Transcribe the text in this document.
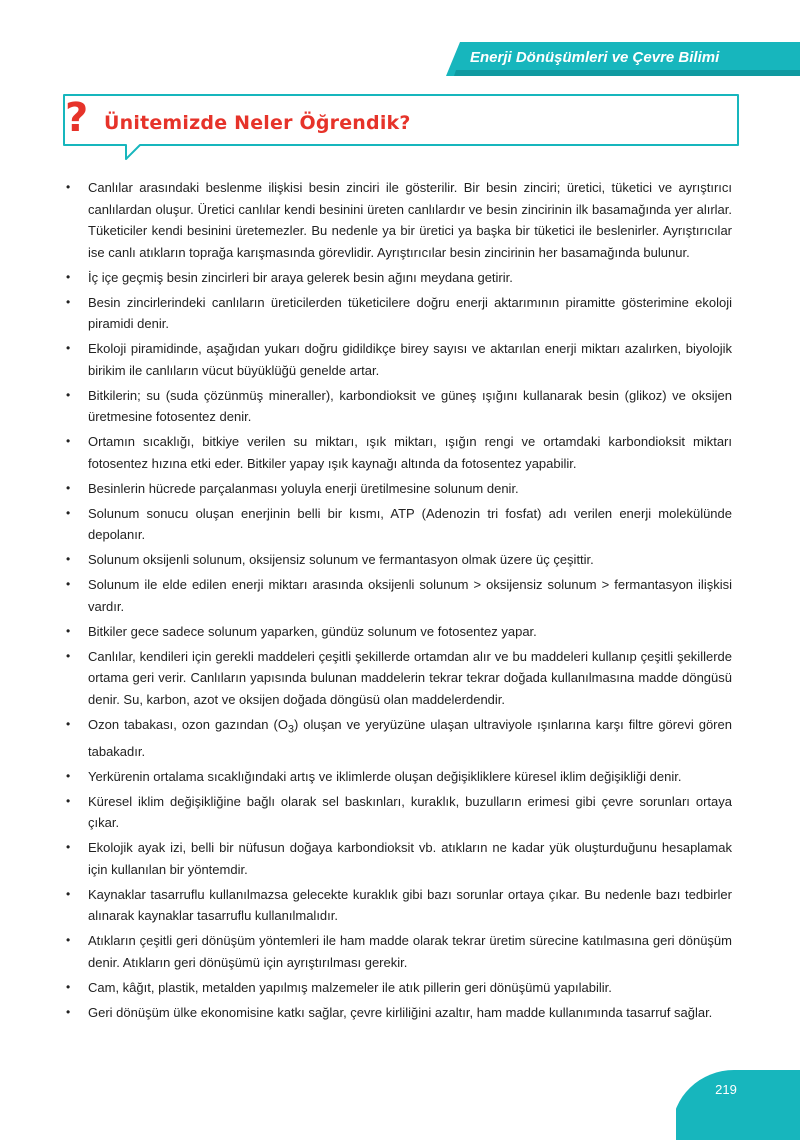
Enerji Dönüşümleri ve Çevre Bilimi
? Ünitemizde Neler Öğrendik?
• Canlılar arasındaki beslenme ilişkisi besin zinciri ile gösterilir. Bir besin zinciri; üretici, tüketici ve ayrıştırıcı canlılardan oluşur. Üretici canlılar kendi besinini üreten canlılardır ve besin zincirinin ilk basamağında yer alırlar. Tüketiciler kendi besinini üretemezler. Bu nedenle ya bir üretici ya başka bir tüketici ile beslenirler. Ayrıştırıcılar ise canlı atıkların toprağa karışmasında görevlidir. Ayrıştırıcılar besin zincirinin her basamağında bulunur.
• İç içe geçmiş besin zincirleri bir araya gelerek besin ağını meydana getirir.
• Besin zincirlerindeki canlıların üreticilerden tüketicilere doğru enerji aktarımının piramitte gösterimine ekoloji piramidi denir.
• Ekoloji piramidinde, aşağıdan yukarı doğru gidildikçe birey sayısı ve aktarılan enerji miktarı azalırken, biyolojik birikim ile canlıların vücut büyüklüğü genelde artar.
• Bitkilerin; su (suda çözünmüş mineraller), karbondioksit ve güneş ışığını kullanarak besin (glikoz) ve oksijen üretmesine fotosentez denir.
• Ortamın sıcaklığı, bitkiye verilen su miktarı, ışık miktarı, ışığın rengi ve ortamdaki karbondioksit miktarı fotosentez hızına etki eder. Bitkiler yapay ışık kaynağı altında da fotosentez yapabilir.
• Besinlerin hücrede parçalanması yoluyla enerji üretilmesine solunum denir.
• Solunum sonucu oluşan enerjinin belli bir kısmı, ATP (Adenozin tri fosfat) adı verilen enerji molekülünde depolanır.
• Solunum oksijenli solunum, oksijensiz solunum ve fermantasyon olmak üzere üç çeşittir.
• Solunum ile elde edilen enerji miktarı arasında oksijenli solunum > oksijensiz solunum > fermantasyon ilişkisi vardır.
• Bitkiler gece sadece solunum yaparken, gündüz solunum ve fotosentez yapar.
• Canlılar, kendileri için gerekli maddeleri çeşitli şekillerde ortamdan alır ve bu maddeleri kullanıp çeşitli şekillerde ortama geri verir. Canlıların yapısında bulunan maddelerin tekrar tekrar doğada kullanılmasına madde döngüsü denir. Su, karbon, azot ve oksijen doğada döngüsü olan maddelerdendir.
• Ozon tabakası, ozon gazından $(O_3)$ oluşan ve yeryüzüne ulaşan ultraviyole ışınlarına karşı filtre görevi gören tabakadır.
• Yerkürenin ortalama sıcaklığındaki artış ve iklimlerde oluşan değişikliklere küresel iklim değişikliği denir.
• Küresel iklim değişikliğine bağlı olarak sel baskınları, kuraklık, buzulların erimesi gibi çevre sorunları ortaya çıkar.
• Ekolojik ayak izi, belli bir nüfusun doğaya karbondioksit vb. atıkların ne kadar yük oluşturduğunu hesaplamak için kullanılan bir yöntemdir.
• Kaynaklar tasarruflu kullanılmazsa gelecekte kuraklık gibi bazı sorunlar ortaya çıkar. Bu nedenle bazı tedbirler alınarak kaynaklar tasarruflu kullanılmalıdır.
• Atıkların çeşitli geri dönüşüm yöntemleri ile ham madde olarak tekrar üretim sürecine katılmasına geri dönüşüm denir. Atıkların geri dönüşümü için ayrıştırılması gerekir.
• Cam, kâğıt, plastik, metalden yapılmış malzemeler ile atık pillerin geri dönüşümü yapılabilir.
• Geri dönüşüm ülke ekonomisine katkı sağlar, çevre kirliliğini azaltır, ham madde kullanımında tasarruf sağlar.
219
